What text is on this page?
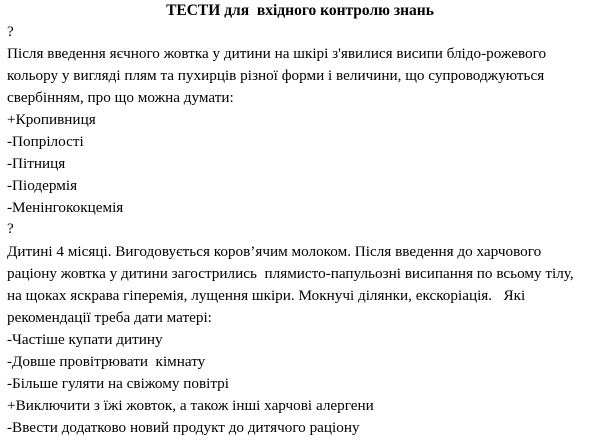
ТЕСТИ для  вхідного контролю знань
?
Після введення яєчного жовтка у дитини на шкірі з'явилися висипи блідо-рожевого
кольору у вигляді плям та пухирців різної форми і величини, що супроводжуються
свербінням, про що можна думати:
+Кропивниця
-Попрілості
-Пітниця
-Піодермія
-Менінгококцемія
?
Дитині 4 місяці. Вигодовується коров’ячим молоком. Після введення до харчового
раціону жовтка у дитини загострились  плямисто-папульозні висипання по всьому тілу,
на щоках яскрава гіперемія, лущення шкіри. Мокнучі ділянки, екскоріація.   Які
рекомендації треба дати матері:
-Частіше купати дитину
-Довше провітрювати  кімнату
-Більше гуляти на свіжому повітрі
+Виключити з їжі жовток, а також інші харчові алергени
-Ввести додатково новий продукт до дитячого раціону
